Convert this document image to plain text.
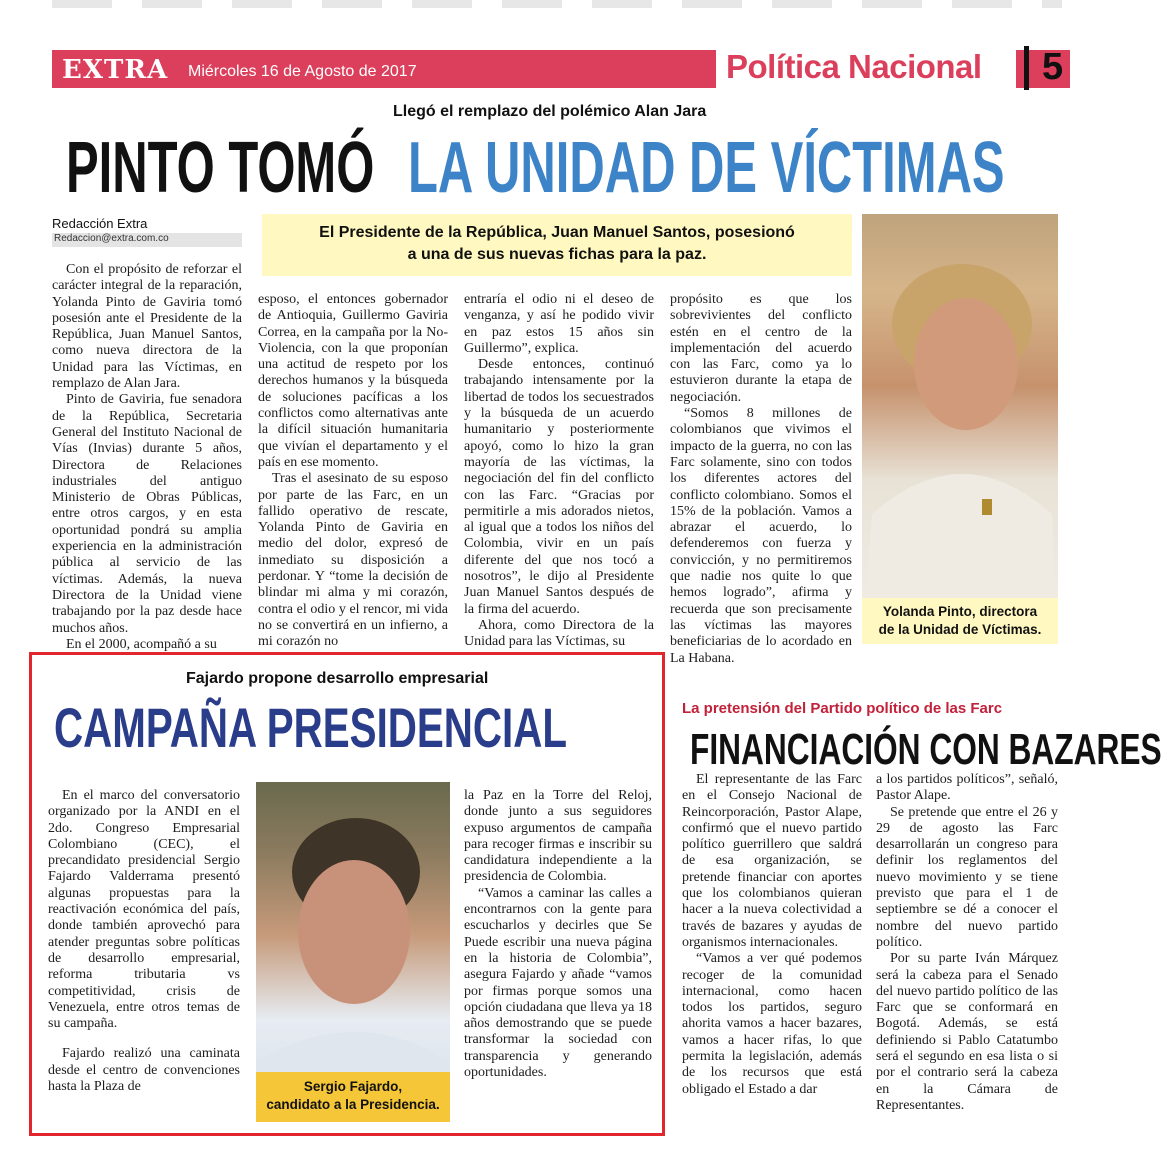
EXTRA Miércoles 16 de Agosto de 2017	Política Nacional 5
Llegó el remplazo del polémico Alan Jara
PINTO TOMÓ LA UNIDAD DE VÍCTIMAS
Redacción Extra
Redaccion@extra.com.co	El Presidente de la República, Juan Manuel Santos, posesionó
a una de sus nuevas fichas para la paz.

Con el propósito de reforzar el carácter integral de la reparación, Yolanda Pinto de Gaviria tomó posesión ante el Presidente de la República, Juan Manuel Santos, como nueva directora de la Unidad para las Víctimas, en remplazo de Alan Jara.

Pinto de Gaviria, fue senadora de la República, Secretaria General del Instituto Nacional de Vías (Invias) durante 5 años, Directora de Relaciones industriales del antiguo Ministerio de Obras Públicas, entre otros cargos, y en esta oportunidad pondrá su amplia experiencia en la administración pública al servicio de las víctimas. Además, la nueva Directora de la Unidad viene trabajando por la paz desde hace muchos años.

En el 2000, acompañó a su

esposo, el entonces gobernador de Antioquia, Guillermo Gaviria Correa, en la campaña por la No-Violencia, con la que proponían una actitud de respeto por los derechos humanos y la búsqueda de soluciones pacíficas a los conflictos como alternativas ante la difícil situación humanitaria que vivían el departamento y el país en ese momento.

Tras el asesinato de su esposo por parte de las Farc, en un fallido operativo de rescate, Yolanda Pinto de Gaviria en medio del dolor, expresó de inmediato su disposición a perdonar. Y “tome la decisión de blindar mi alma y mi corazón, contra el odio y el rencor, mi vida no se convertirá en un infierno, a mi corazón no

entraría el odio ni el deseo de venganza, y así he podido vivir en paz estos 15 años sin Guillermo”, explica.

Desde entonces, continuó trabajando intensamente por la libertad de todos los secuestrados y la búsqueda de un acuerdo humanitario y posteriormente apoyó, como lo hizo la gran mayoría de las víctimas, la negociación del fin del conflicto con las Farc. “Gracias por permitirle a mis adorados nietos, al igual que a todos los niños del Colombia, vivir en un país diferente del que nos tocó a nosotros”, le dijo al Presidente Juan Manuel Santos después de la firma del acuerdo.

Ahora, como Directora de la Unidad para las Víctimas, su

propósito es que los sobrevivientes del conflicto estén en el centro de la implementación del acuerdo con las Farc, como ya lo estuvieron durante la etapa de negociación.

“Somos 8 millones de colombianos que vivimos el impacto de la guerra, no con las Farc solamente, sino con todos los diferentes actores del conflicto colombiano. Somos el 15% de la población. Vamos a abrazar el acuerdo, lo defenderemos con fuerza y convicción, y no permitiremos que nadie nos quite lo que hemos logrado”, afirma y recuerda que son precisamente las víctimas las mayores beneficiarias de lo acordado en La Habana.

Yolanda Pinto, directora
de la Unidad de Víctimas.
Fajardo propone desarrollo empresarial
CAMPAÑA PRESIDENCIAL

En el marco del conversatorio organizado por la ANDI en el 2do. Congreso Empresarial Colombiano (CEC), el precandidato presidencial Sergio Fajardo Valderrama presentó algunas propuestas para la reactivación económica del país, donde también aprovechó para atender preguntas sobre políticas de desarrollo empresarial, reforma tributaria vs competitividad, crisis de Venezuela, entre otros temas de su campaña.

Fajardo realizó una caminata desde el centro de convenciones hasta la Plaza de	Sergio Fajardo,
candidato a la Presidencia.

la Paz en la Torre del Reloj, donde junto a sus seguidores expuso argumentos de campaña para recoger firmas e inscribir su candidatura independiente a la presidencia de Colombia.

“Vamos a caminar las calles a encontrarnos con la gente para escucharlos y decirles que Se Puede escribir una nueva página en la historia de Colombia”, asegura Fajardo y añade “vamos por firmas porque somos una opción ciudadana que lleva ya 18 años demostrando que se puede transformar la sociedad con transparencia y generando oportunidades.

La pretensión del Partido político de las Farc
FINANCIACIÓN CON BAZARES

El representante de las Farc en el Consejo Nacional de Reincorporación, Pastor Alape, confirmó que el nuevo partido político guerrillero que saldrá de esa organización, se pretende financiar con aportes que los colombianos quieran hacer a la nueva colectividad a través de bazares y ayudas de organismos internacionales.

“Vamos a ver qué podemos recoger de la comunidad internacional, como hacen todos los partidos, seguro ahorita vamos a hacer bazares, vamos a hacer rifas, lo que permita la legislación, además de los recursos que está obligado el Estado a dar

a los partidos políticos”, señaló, Pastor Alape.

Se pretende que entre el 26 y 29 de agosto las Farc desarrollarán un congreso para definir los reglamentos del nuevo movimiento y se tiene previsto que para el 1 de septiembre se dé a conocer el nombre del nuevo partido político.

Por su parte Iván Márquez será la cabeza para el Senado del nuevo partido político de las Farc que se conformará en Bogotá. Además, se está definiendo si Pablo Catatumbo será el segundo en esa lista o si por el contrario será la cabeza en la Cámara de Representantes.
